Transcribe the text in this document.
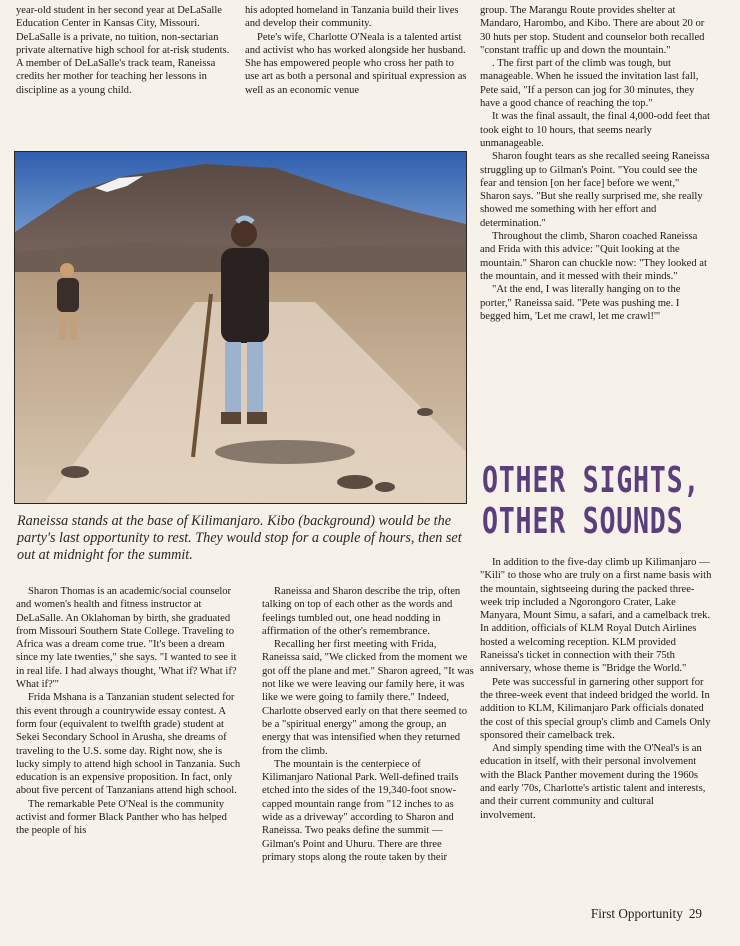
year-old student in her second year at DeLaSalle Education Center in Kansas City, Missouri. DeLaSalle is a private, no tuition, non-sectarian private alternative high school for at-risk students. A member of DeLaSalle's track team, Raneissa credits her mother for teaching her lessons in discipline as a young child.

his adopted homeland in Tanzania build their lives and develop their community.

Pete's wife, Charlotte O'Neala is a talented artist and activist who has worked alongside her husband. She has empowered people who cross her path to use art as both a personal and spiritual expression as well as an economic venue

group. The Marangu Route provides shelter at Mandaro, Harombo, and Kibo. There are about 20 or 30 huts per stop. Student and counselor both recalled "constant traffic up and down the mountain."

. The first part of the climb was tough, but manageable. When he issued the invitation last fall, Pete said, "If a person can jog for 30 minutes, they have a good chance of reaching the top."

It was the final assault, the final 4,000-odd feet that took eight to 10 hours, that seems nearly unmanageable.

Sharon fought tears as she recalled seeing Raneissa struggling up to Gilman's Point. "You could see the fear and tension [on her face] before we went," Sharon says. "But she really surprised me, she really showed me something with her effort and determination."

Throughout the climb, Sharon coached Raneissa and Frida with this advice: "Quit looking at the mountain." Sharon can chuckle now: "They looked at the mountain, and it messed with their minds."

"At the end, I was literally hanging on to the porter," Raneissa said. "Pete was pushing me. I begged him, 'Let me crawl, let me crawl!'"

Raneissa stands at the base of Kilimanjaro. Kibo (background) would be the party's last opportunity to rest. They would stop for a couple of hours, then set out at midnight for the summit.
OTHER SIGHTS,
OTHER SOUNDS

Sharon Thomas is an academic/social counselor and women's health and fitness instructor at DeLaSalle. An Oklahoman by birth, she graduated from Missouri Southern State College. Traveling to Africa was a dream come true. "It's been a dream since my late twenties," she says. "I wanted to see it in real life. I had always thought, 'What if? What if? What if?'"

Frida Mshana is a Tanzanian student selected for this event through a countrywide essay contest. A form four (equivalent to twelfth grade) student at Sekei Secondary School in Arusha, she dreams of traveling to the U.S. some day. Right now, she is lucky simply to attend high school in Tanzania. Such education is an expensive proposition. In fact, only about five percent of Tanzanians attend high school.

The remarkable Pete O'Neal is the community activist and former Black Panther who has helped the people of his

Raneissa and Sharon describe the trip, often talking on top of each other as the words and feelings tumbled out, one head nodding in affirmation of the other's remembrance.

Recalling her first meeting with Frida, Raneissa said, "We clicked from the moment we got off the plane and met." Sharon agreed, "It was not like we were leaving our family here, it was like we were going to family there." Indeed, Charlotte observed early on that there seemed to be a "spiritual energy" among the group, an energy that was intensified when they returned from the climb.

The mountain is the centerpiece of Kilimanjaro National Park. Well-defined trails etched into the sides of the 19,340-foot snow-capped mountain range from "12 inches to as wide as a driveway" according to Sharon and Raneissa. Two peaks define the summit — Gilman's Point and Uhuru. There are three primary stops along the route taken by their

In addition to the five-day climb up Kilimanjaro — "Kili" to those who are truly on a first name basis with the mountain, sightseeing during the packed three-week trip included a Ngorongoro Crater, Lake Manyara, Mount Simu, a safari, and a camelback trek. In addition, officials of KLM Royal Dutch Airlines hosted a welcoming reception. KLM provided Raneissa's ticket in connection with their 75th anniversary, whose theme is "Bridge the World."

Pete was successful in garnering other support for the three-week event that indeed bridged the world. In addition to KLM, Kilimanjaro Park officials donated the cost of this special group's climb and Camels Only sponsored their camelback trek.

And simply spending time with the O'Neal's is an education in itself, with their personal involvement with the Black Panther movement during the 1960s and early '70s, Charlotte's artistic talent and interests, and their current community and cultural involvement.

First Opportunity 29
